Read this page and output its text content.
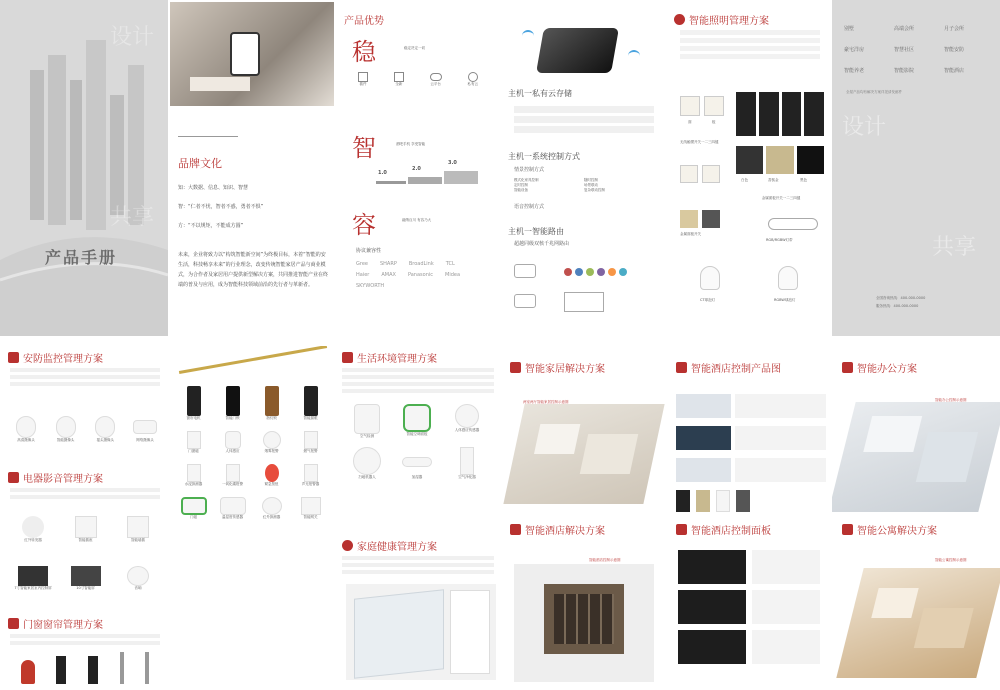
设计
共享
产品手册
品牌文化
知：大数据、信息、知识、智慧
智：“仁者不忧，智者不惑，勇者不惧”
方：“不以规矩，不能成方圆”
未来，企业将致力以“构筑智能新空间”为终极目标，本着“智能的安生活，科技畅享未来”的行业理念，改变传统智能家居产品与商业模式，为合作者及家居用户提供新型解决方案，共同推进智能产业在终端的普及与应用，成为智能科技领域前沿的先行者与革新者。
产品优势
稳	稳定决定一切
插件	全新	云平台	私有云
智	酒吧手机 享受智能
1.0
2.0
3.0
容	融纳百川 有容乃大
协议兼容性
Gree SHARP BroadLink TCL
Haier AMAX Panasonic Midea
SKYWORTH
主机一私有云存储
主机一系统控制方式
情景控制方式
模式化家具控制	随时控制
定时控制	场景联动
智能设备	复杂联动控制
语音控制方式
主机一智能路由
超越同级双核千兆网路由
智能照明管理方案
面	板
无线触摸开关一二三四键
白色	香槟金	黑色
金属面板开关一二三四键
金属面板开关
RGB/RGBW灯带
CT球泡灯	RGBW球泡灯
别墅	高端会所	月子会所
豪宅洋房	智慧社区	智能安防
智能养老	智能影院	智能酒店
全屋产品均有解决方案详见请发邮件
设计
共享
全国咨询热线：400-000-0000
服务热线：400-000-0000
安防监控管理方案
高清摄像头	智能摄像头	摇头摄像头	网络摄像头
电器影音管理方案
红外转发器	智能插座	智能墙插
7寸智能家居室内控制屏	10寸智能屏	音响
门窗窗帘管理方案
窗帘电机	智能门锁	指纹锁	智能猫眼
门窗磁	人体感应	烟雾报警	燃气报警
水浸探测器	一氧化碳报警	紧急按钮	声光报警器
门磁	温湿度传感器	红外探测器	智能网关
生活环境管理方案
空气检测	智能空调面板
人体感应传感器
扫地机器人	加湿器	空气净化器
家庭健康管理方案
智能家居解决方案
两室两厅智能家居控制示意图
智能酒店解决方案
智能酒店控制示意图
智能酒店控制产品图
智能酒店控制面板
智能办公方案
智能办公控制示意图
智能公寓解决方案
智能公寓控制示意图
